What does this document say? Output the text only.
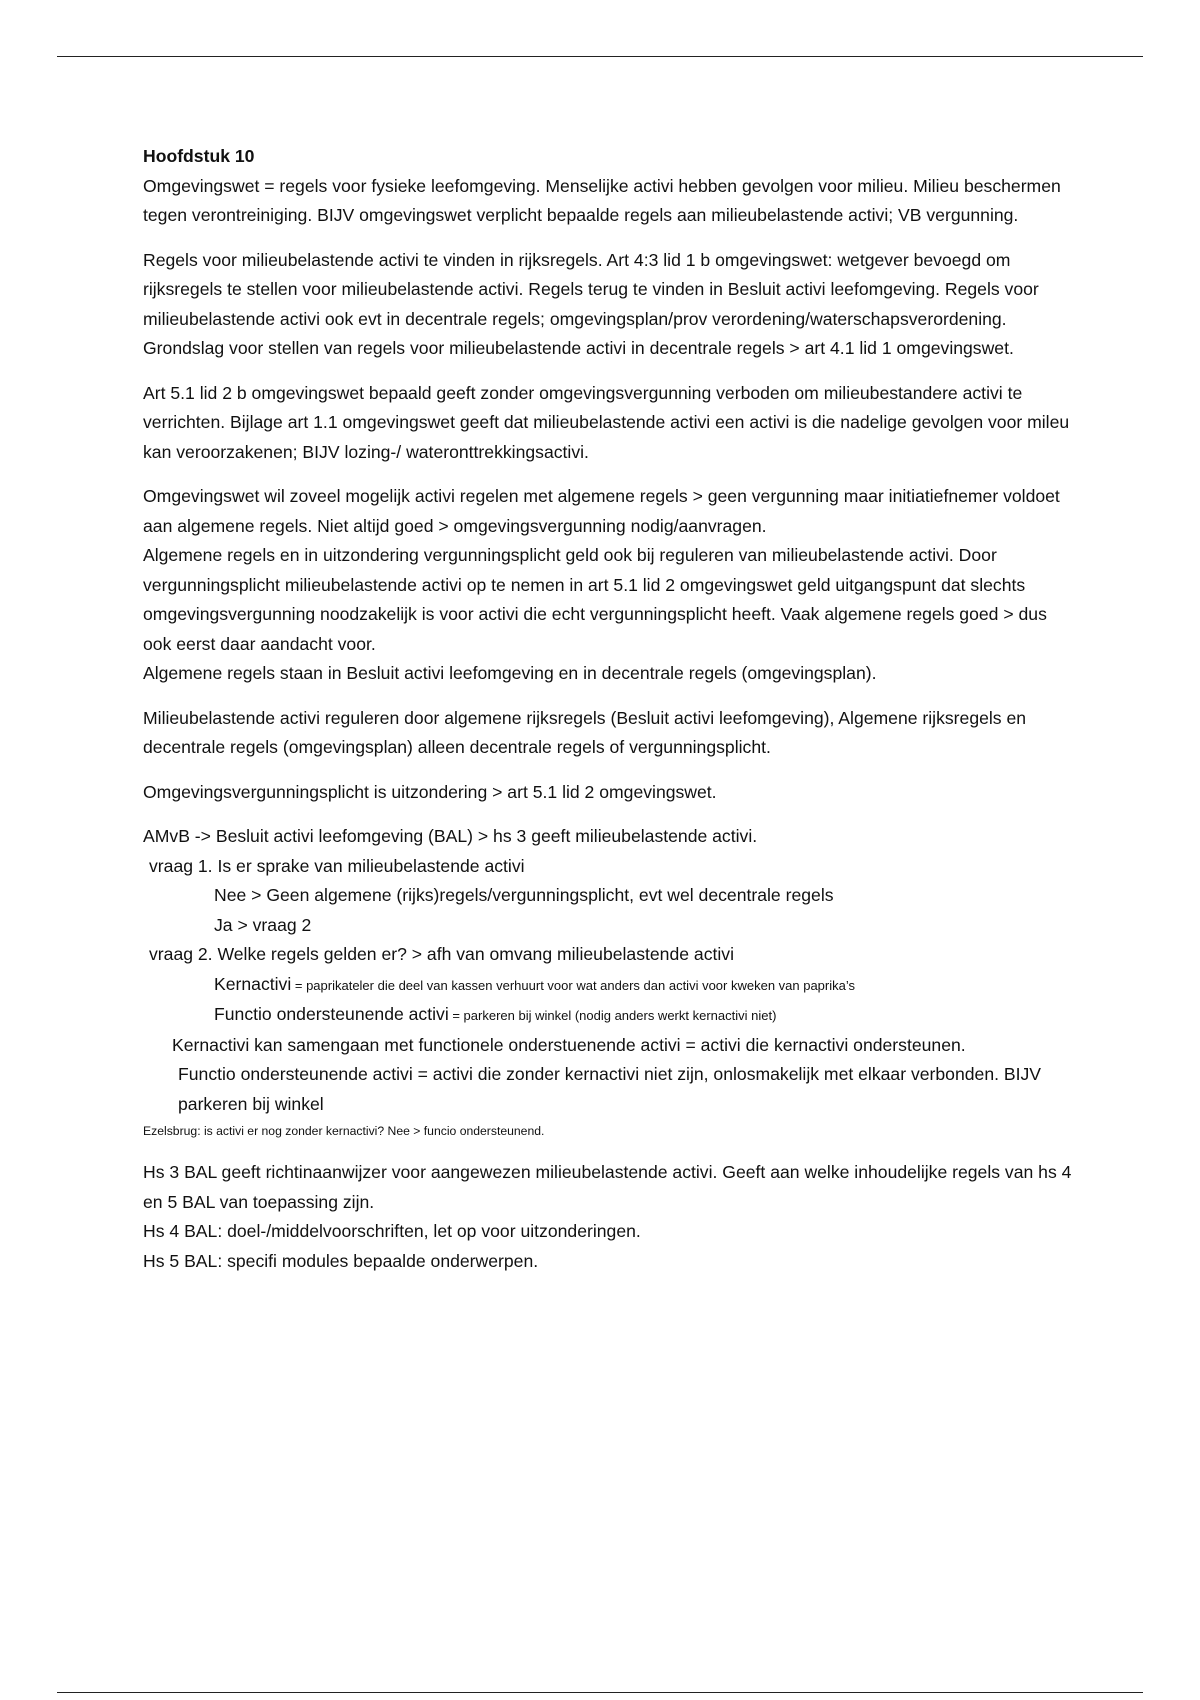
Hoofdstuk 10

Omgevingswet = regels voor fysieke leefomgeving. Menselijke activi hebben gevolgen voor milieu. Milieu beschermen tegen verontreiniging. BIJV omgevingswet verplicht bepaalde regels aan milieubelastende activi; VB vergunning.

Regels voor milieubelastende activi te vinden in rijksregels. Art 4:3 lid 1 b omgevingswet: wetgever bevoegd om rijksregels te stellen voor milieubelastende activi. Regels terug te vinden in Besluit activi leefomgeving. Regels voor milieubelastende activi ook evt in decentrale regels; omgevingsplan/prov verordening/waterschapsverordening.

Grondslag voor stellen van regels voor milieubelastende activi in decentrale regels > art 4.1 lid 1 omgevingswet.

Art 5.1 lid 2 b omgevingswet bepaald geeft zonder omgevingsvergunning verboden om milieubestandere activi te verrichten. Bijlage art 1.1 omgevingswet geeft dat milieubelastende activi een activi is die nadelige gevolgen voor mileu kan veroorzakenen; BIJV lozing-/ wateronttrekkingsactivi.

Omgevingswet wil zoveel mogelijk activi regelen met algemene regels > geen vergunning maar initiatiefnemer voldoet aan algemene regels. Niet altijd goed > omgevingsvergunning nodig/aanvragen.

Algemene regels en in uitzondering vergunningsplicht geld ook bij reguleren van milieubelastende activi. Door vergunningsplicht milieubelastende activi op te nemen in art 5.1 lid 2 omgevingswet geld uitgangspunt dat slechts omgevingsvergunning noodzakelijk is voor activi die echt vergunningsplicht heeft. Vaak algemene regels goed > dus ook eerst daar aandacht voor.

Algemene regels staan in Besluit activi leefomgeving en in decentrale regels (omgevingsplan).

Milieubelastende activi reguleren door algemene rijksregels (Besluit activi leefomgeving), Algemene rijksregels en decentrale regels (omgevingsplan) alleen decentrale regels of vergunningsplicht.

Omgevingsvergunningsplicht is uitzondering > art 5.1 lid 2 omgevingswet.

AMvB -> Besluit activi leefomgeving (BAL) > hs 3 geeft milieubelastende activi.

vraag 1. Is er sprake van milieubelastende activi

Nee > Geen algemene (rijks)regels/vergunningsplicht, evt wel decentrale regels

Ja > vraag 2

vraag 2. Welke regels gelden er? > afh van omvang milieubelastende activi

Kernactivi = paprikateler die deel van kassen verhuurt voor wat anders dan activi voor kweken van paprika’s

Functio ondersteunende activi = parkeren bij winkel (nodig anders werkt kernactivi niet)

Kernactivi kan samengaan met functionele onderstuenende activi = activi die kernactivi ondersteunen.

Functio ondersteunende activi = activi die zonder kernactivi niet zijn, onlosmakelijk met elkaar verbonden. BIJV parkeren bij winkel

Ezelsbrug: is activi er nog zonder kernactivi? Nee > funcio ondersteunend.

Hs 3 BAL geeft richtinaanwijzer voor aangewezen milieubelastende activi. Geeft aan welke inhoudelijke regels van hs 4 en 5 BAL van toepassing zijn.

Hs 4 BAL: doel-/middelvoorschriften, let op voor uitzonderingen.

Hs 5 BAL: specifi modules bepaalde onderwerpen.
